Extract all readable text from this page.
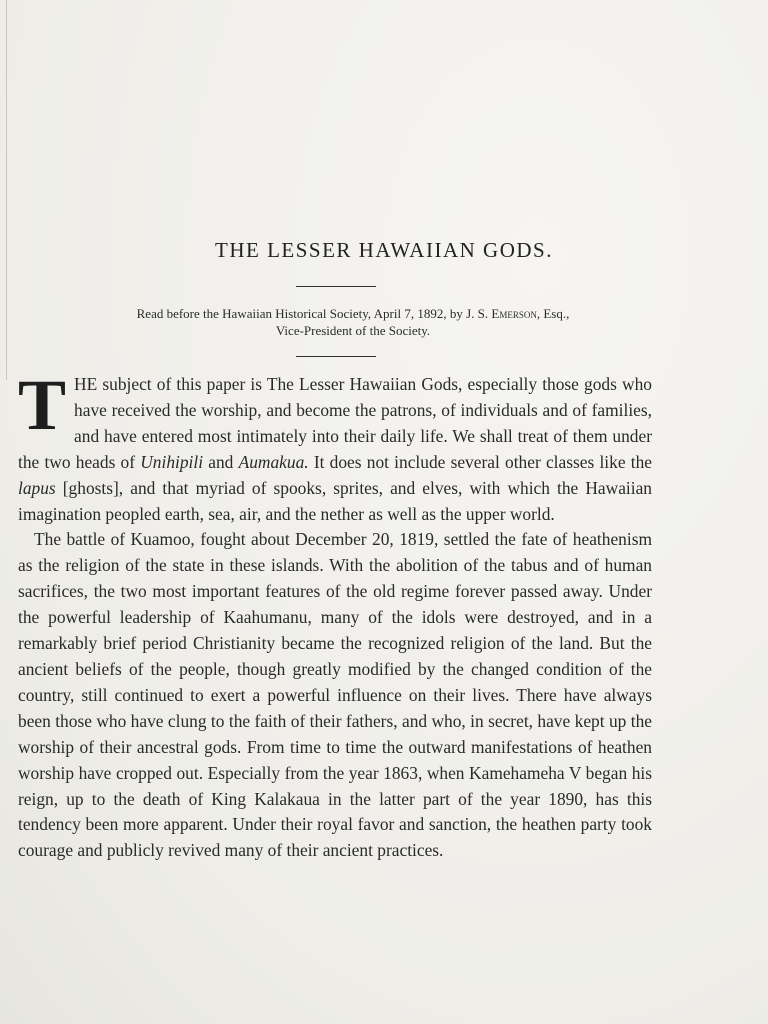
THE LESSER HAWAIIAN GODS.
Read before the Hawaiian Historical Society, April 7, 1892, by J. S. Emerson, Esq.,
Vice-President of the Society.

THE subject of this paper is The Lesser Hawaiian Gods, especially those gods who have received the worship, and become the patrons, of individuals and of families, and have entered most intimately into their daily life. We shall treat of them under the two heads of Unihipili and Aumakua. It does not include several other classes like the lapus [ghosts], and that myriad of spooks, sprites, and elves, with which the Hawaiian imagination peopled earth, sea, air, and the nether as well as the upper world.

The battle of Kuamoo, fought about December 20, 1819, settled the fate of heathenism as the religion of the state in these islands. With the abolition of the tabus and of human sacrifices, the two most important features of the old regime forever passed away. Under the powerful leadership of Kaahumanu, many of the idols were destroyed, and in a remarkably brief period Christianity became the recognized religion of the land. But the ancient beliefs of the people, though greatly modified by the changed condition of the country, still continued to exert a powerful influence on their lives. There have always been those who have clung to the faith of their fathers, and who, in secret, have kept up the worship of their ancestral gods. From time to time the outward manifestations of heathen worship have cropped out. Especially from the year 1863, when Kamehameha V began his reign, up to the death of King Kalakaua in the latter part of the year 1890, has this tendency been more apparent. Under their royal favor and sanction, the heathen party took courage and publicly revived many of their ancient practices.
